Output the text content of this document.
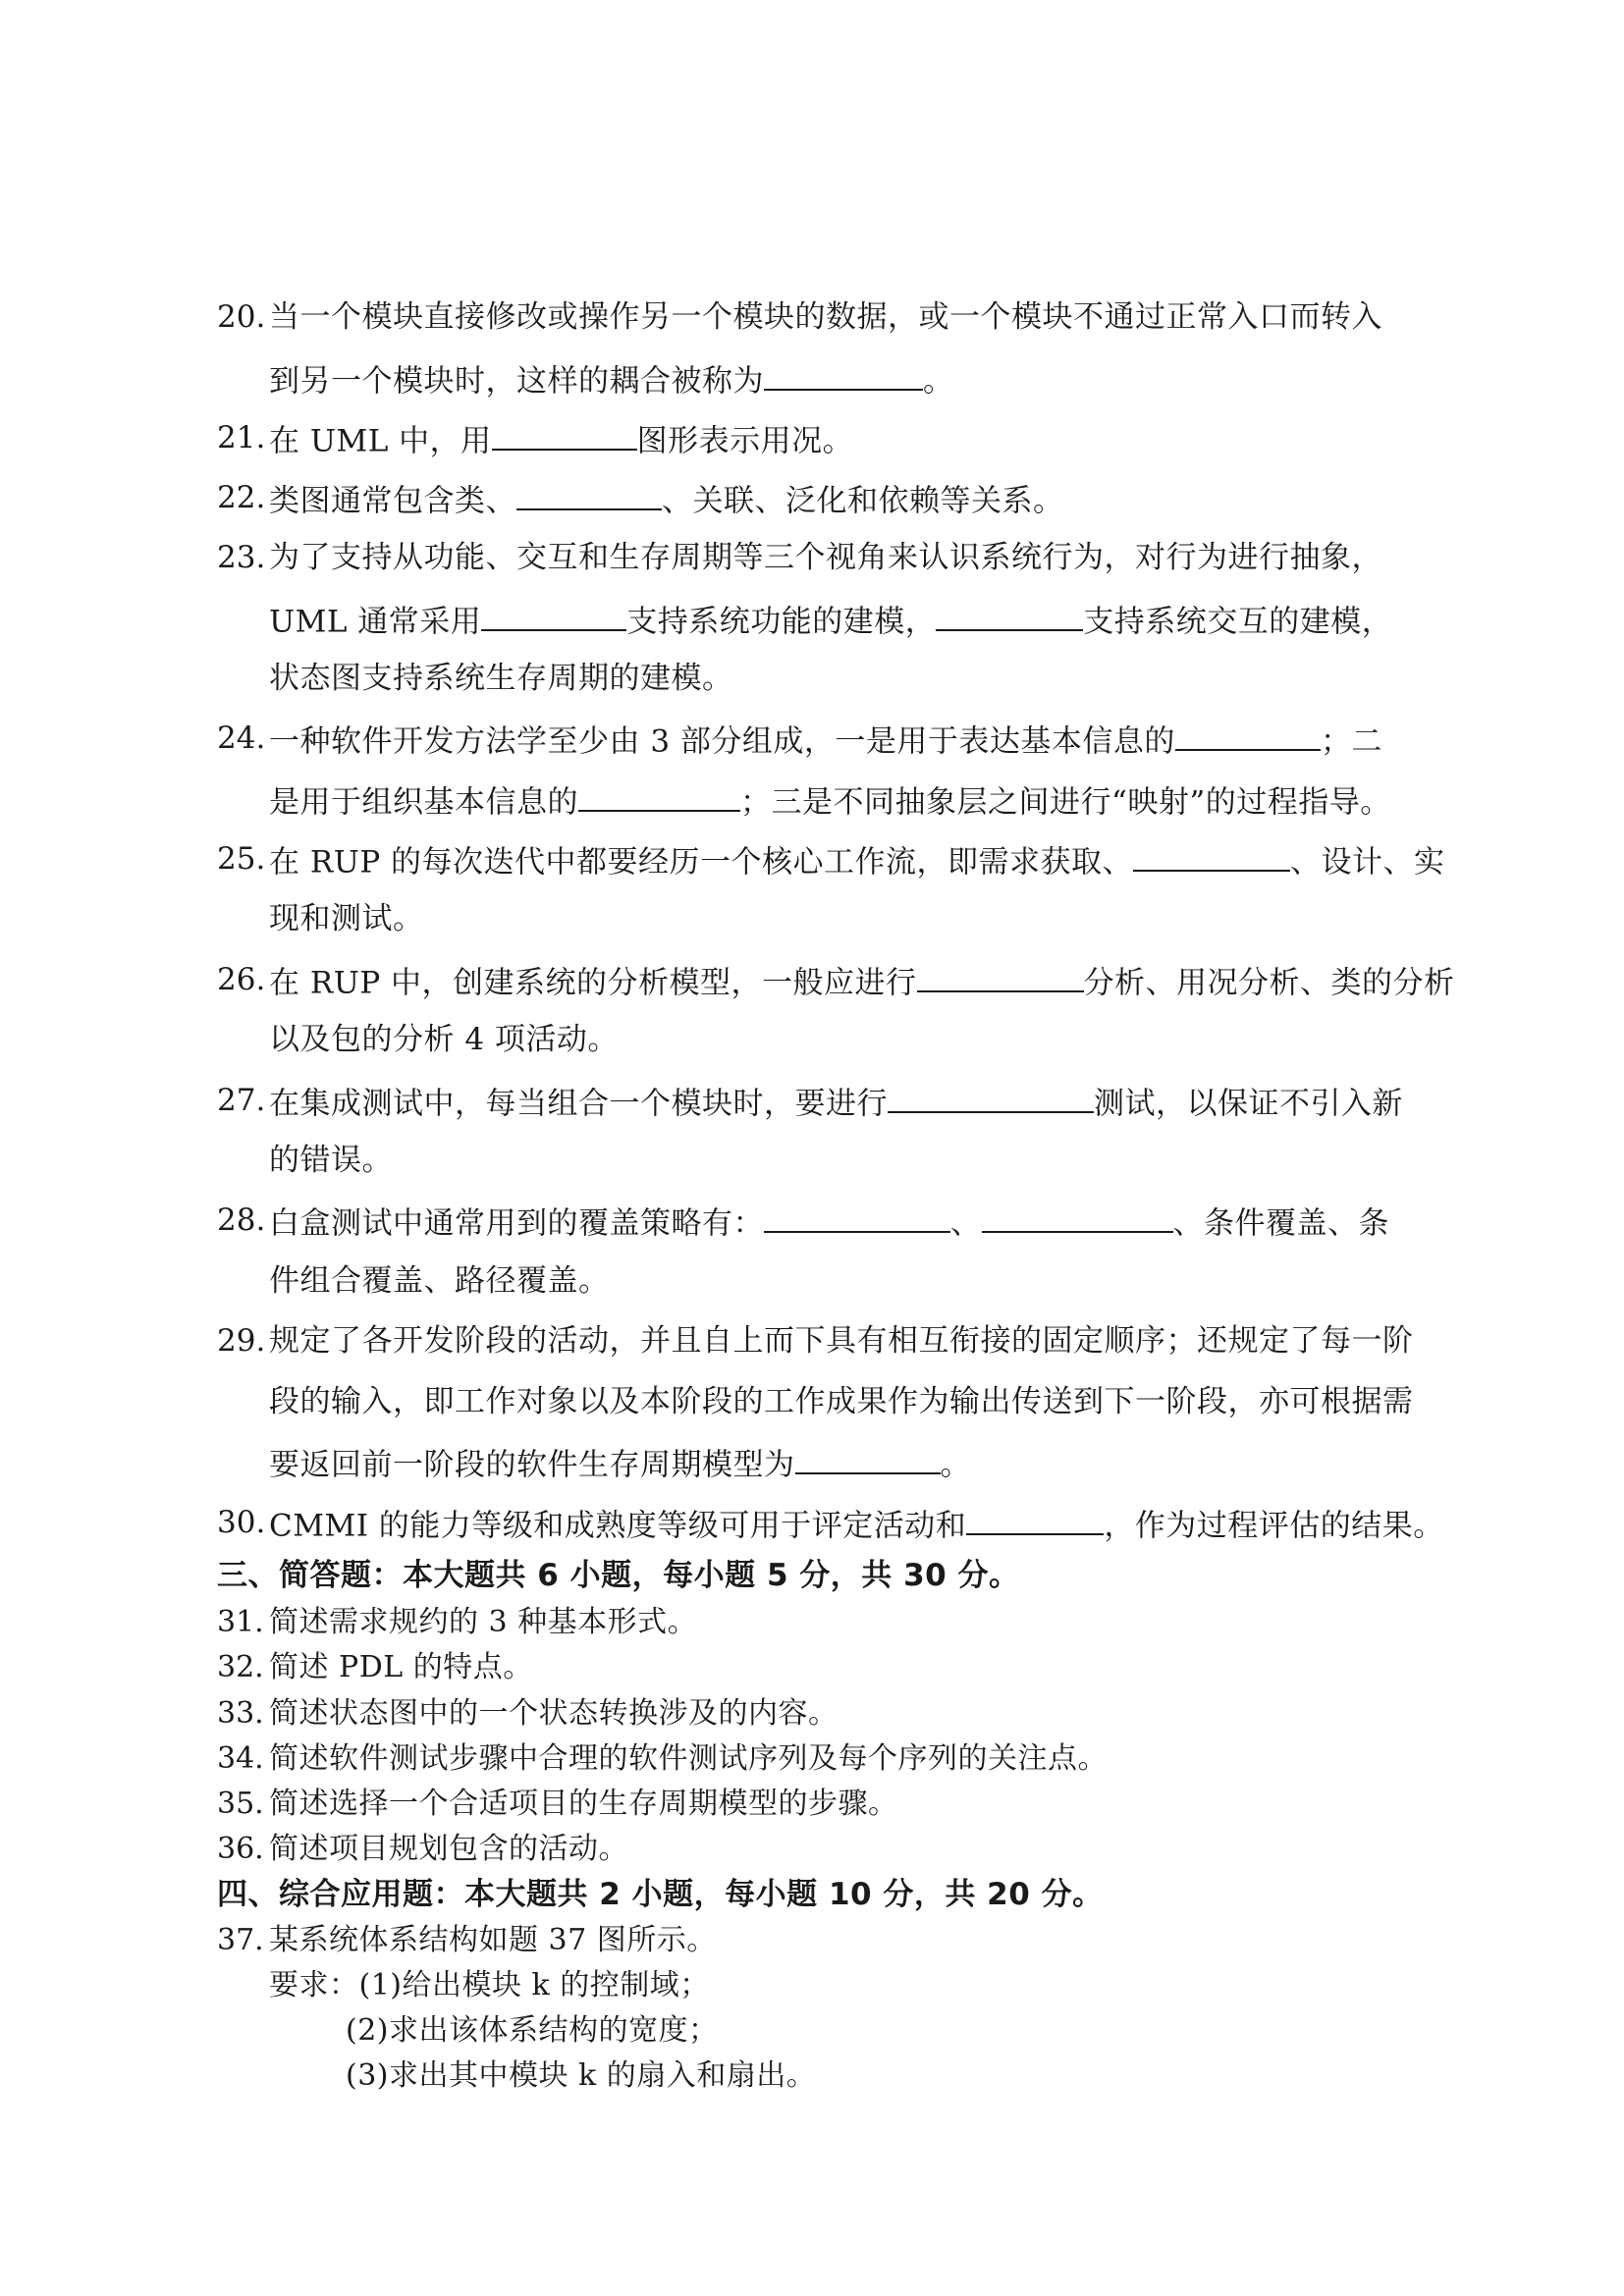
20. 当一个模块直接修改或操作另一个模块的数据，或一个模块不通过正常入口而转入
到另一个模块时，这样的耦合被称为	。
21. 在 UML 中，用	图形表示用况。
22. 类图通常包含类、	、关联、泛化和依赖等关系。
23. 为了支持从功能、交互和生存周期等三个视角来认识系统行为，对行为进行抽象，
UML 通常采用	支持系统功能的建模，	支持系统交互的建模，
状态图支持系统生存周期的建模。
24. 一种软件开发方法学至少由 3 部分组成，一是用于表达基本信息的	；二
是用于组织基本信息的	；三是不同抽象层之间进行“映射”的过程指导。
25. 在 RUP 的每次迭代中都要经历一个核心工作流，即需求获取、	、设计、实
现和测试。
26. 在 RUP 中，创建系统的分析模型，一般应进行	分析、用况分析、类的分析
以及包的分析 4 项活动。
27. 在集成测试中，每当组合一个模块时，要进行	测试，以保证不引入新
的错误。
28. 白盒测试中通常用到的覆盖策略有：	、	、条件覆盖、条
件组合覆盖、路径覆盖。
29. 规定了各开发阶段的活动，并且自上而下具有相互衔接的固定顺序；还规定了每一阶
段的输入，即工作对象以及本阶段的工作成果作为输出传送到下一阶段，亦可根据需
要返回前一阶段的软件生存周期模型为	。
30. CMMI 的能力等级和成熟度等级可用于评定活动和	，作为过程评估的结果。
三、简答题：本大题共 6 小题，每小题 5 分，共 30 分。
31. 简述需求规约的 3 种基本形式。
32. 简述 PDL 的特点。
33. 简述状态图中的一个状态转换涉及的内容。
34. 简述软件测试步骤中合理的软件测试序列及每个序列的关注点。
35. 简述选择一个合适项目的生存周期模型的步骤。
36. 简述项目规划包含的活动。
四、综合应用题：本大题共 2 小题，每小题 10 分，共 20 分。
37. 某系统体系结构如题 37 图所示。
要求：(1)给出模块 k 的控制域；
(2)求出该体系结构的宽度；
(3)求出其中模块 k 的扇入和扇出。
